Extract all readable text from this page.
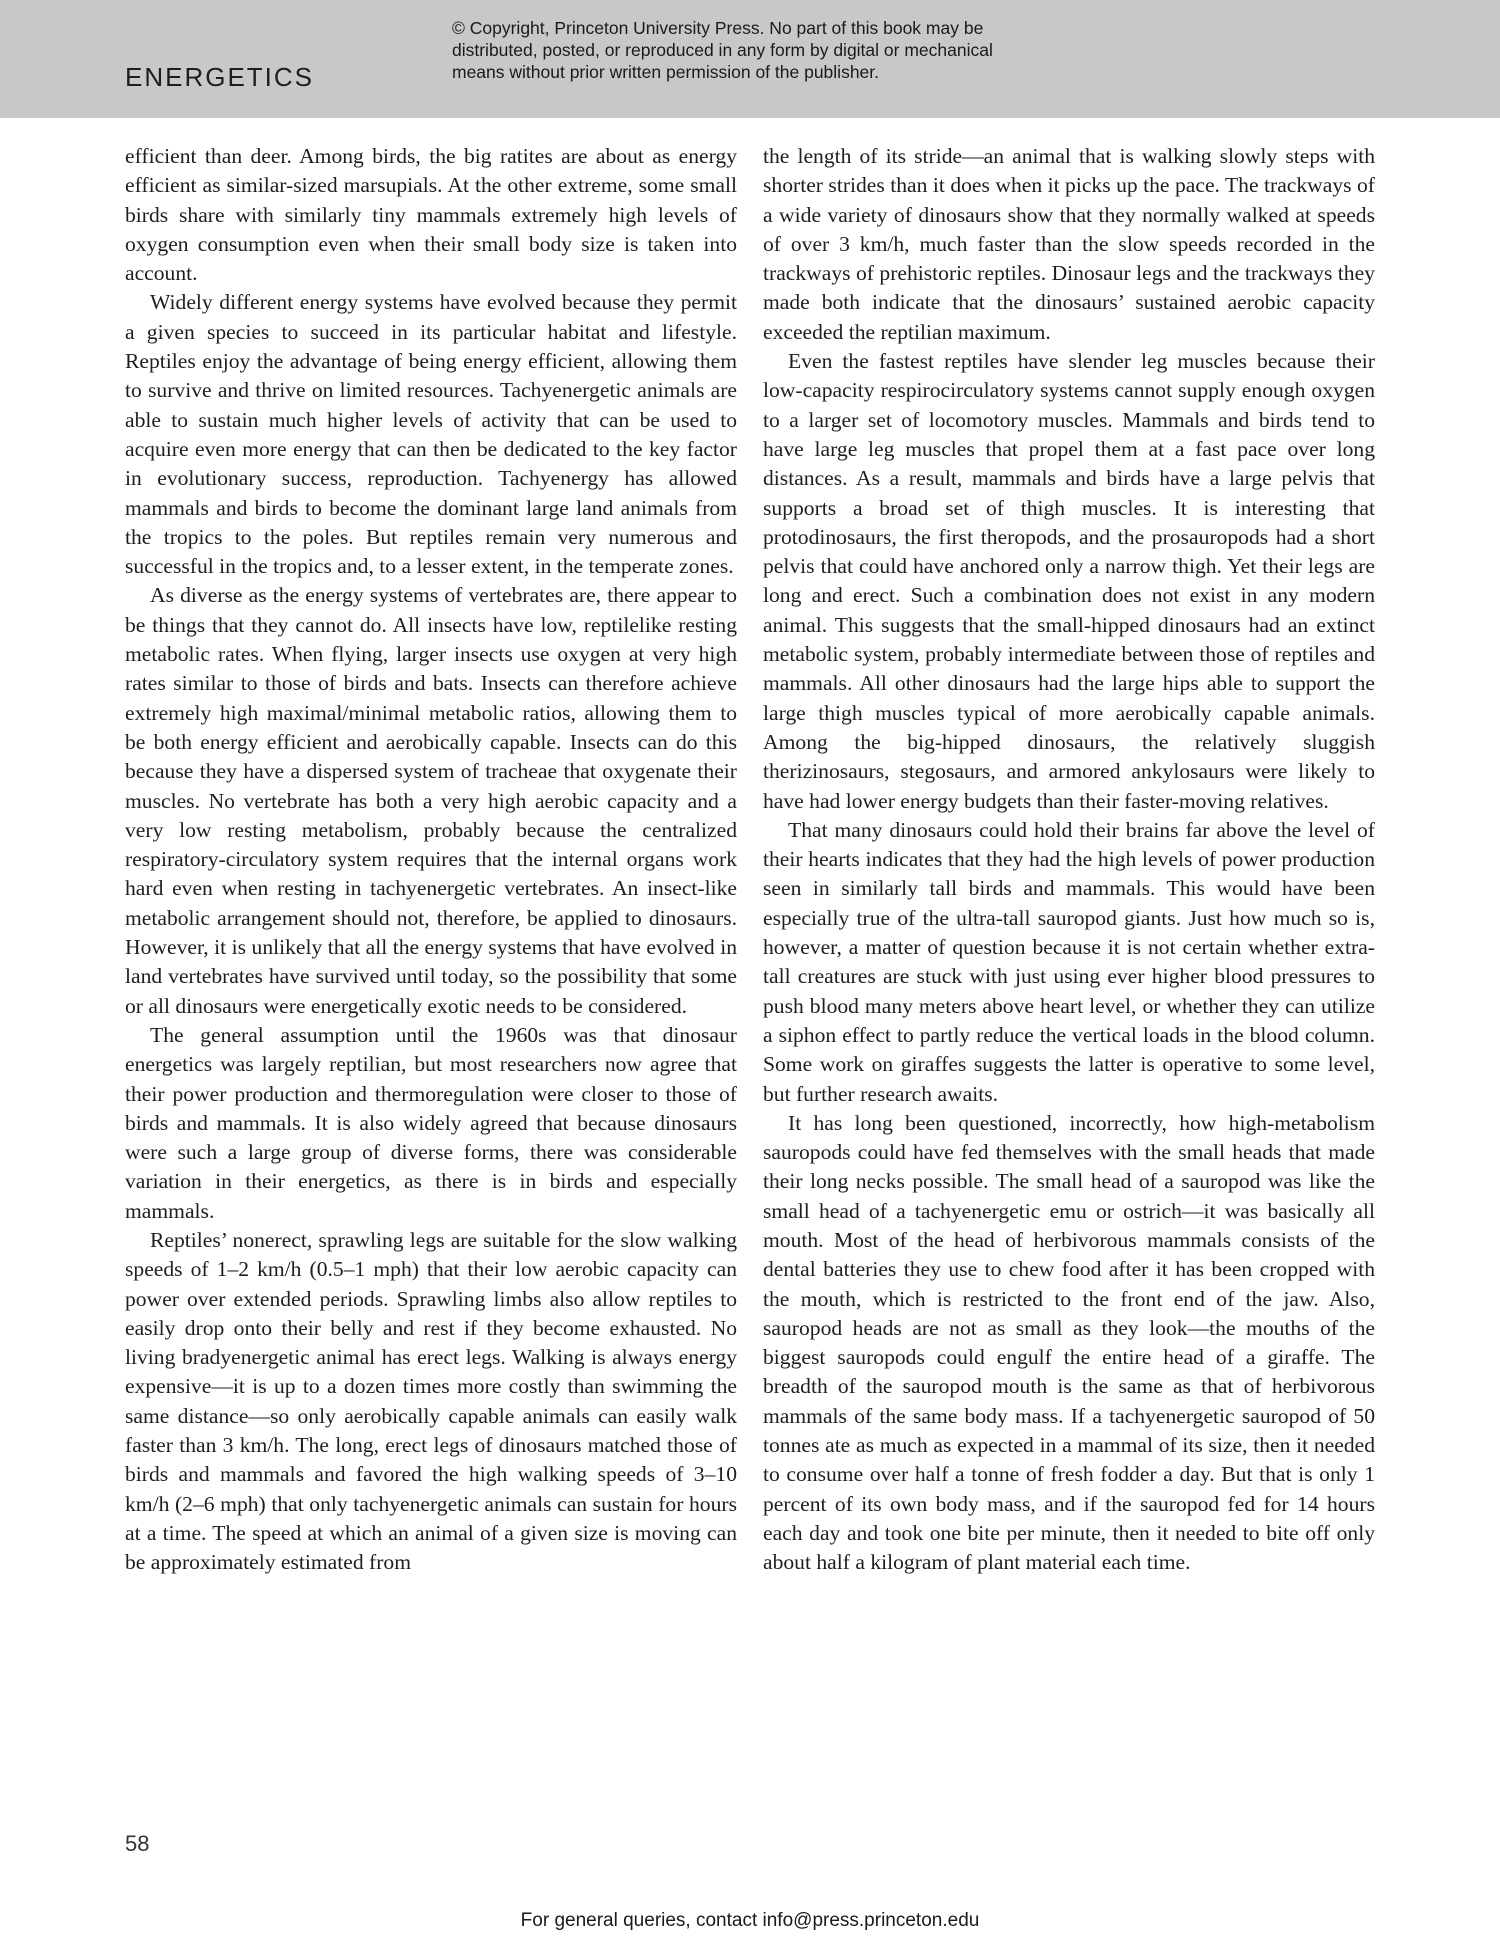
ENERGETICS
© Copyright, Princeton University Press. No part of this book may be
distributed, posted, or reproduced in any form by digital or mechanical
means without prior written permission of the publisher.

efficient than deer. Among birds, the big ratites are about as energy efficient as similar-sized marsupials. At the other extreme, some small birds share with similarly tiny mammals extremely high levels of oxygen consumption even when their small body size is taken into account.

Widely different energy systems have evolved because they permit a given species to succeed in its particular habitat and lifestyle. Reptiles enjoy the advantage of being energy efficient, allowing them to survive and thrive on limited resources. Tachyenergetic animals are able to sustain much higher levels of activity that can be used to acquire even more energy that can then be dedicated to the key factor in evolutionary success, reproduction. Tachyenergy has allowed mammals and birds to become the dominant large land animals from the tropics to the poles. But reptiles remain very numerous and successful in the tropics and, to a lesser extent, in the temperate zones.

As diverse as the energy systems of vertebrates are, there appear to be things that they cannot do. All insects have low, reptilelike resting metabolic rates. When flying, larger insects use oxygen at very high rates similar to those of birds and bats. Insects can therefore achieve extremely high maximal/minimal metabolic ratios, allowing them to be both energy efficient and aerobically capable. Insects can do this because they have a dispersed system of tracheae that oxygenate their muscles. No vertebrate has both a very high aerobic capacity and a very low resting metabolism, probably because the centralized respiratory-circulatory system requires that the internal organs work hard even when resting in tachyenergetic vertebrates. An insect-like metabolic arrangement should not, therefore, be applied to dinosaurs. However, it is unlikely that all the energy systems that have evolved in land vertebrates have survived until today, so the possibility that some or all dinosaurs were energetically exotic needs to be considered.

The general assumption until the 1960s was that dinosaur energetics was largely reptilian, but most researchers now agree that their power production and thermoregulation were closer to those of birds and mammals. It is also widely agreed that because dinosaurs were such a large group of diverse forms, there was considerable variation in their energetics, as there is in birds and especially mammals.

Reptiles’ nonerect, sprawling legs are suitable for the slow walking speeds of 1–2 km/h (0.5–1 mph) that their low aerobic capacity can power over extended periods. Sprawling limbs also allow reptiles to easily drop onto their belly and rest if they become exhausted. No living bradyenergetic animal has erect legs. Walking is always energy expensive—it is up to a dozen times more costly than swimming the same distance—so only aerobically capable animals can easily walk faster than 3 km/h. The long, erect legs of dinosaurs matched those of birds and mammals and favored the high walking speeds of 3–10 km/h (2–6 mph) that only tachyenergetic animals can sustain for hours at a time. The speed at which an animal of a given size is moving can be approximately estimated from

the length of its stride—an animal that is walking slowly steps with shorter strides than it does when it picks up the pace. The trackways of a wide variety of dinosaurs show that they normally walked at speeds of over 3 km/h, much faster than the slow speeds recorded in the trackways of prehistoric reptiles. Dinosaur legs and the trackways they made both indicate that the dinosaurs’ sustained aerobic capacity exceeded the reptilian maximum.

Even the fastest reptiles have slender leg muscles because their low-capacity respirocirculatory systems cannot supply enough oxygen to a larger set of locomotory muscles. Mammals and birds tend to have large leg muscles that propel them at a fast pace over long distances. As a result, mammals and birds have a large pelvis that supports a broad set of thigh muscles. It is interesting that protodinosaurs, the first theropods, and the prosauropods had a short pelvis that could have anchored only a narrow thigh. Yet their legs are long and erect. Such a combination does not exist in any modern animal. This suggests that the small-hipped dinosaurs had an extinct metabolic system, probably intermediate between those of reptiles and mammals. All other dinosaurs had the large hips able to support the large thigh muscles typical of more aerobically capable animals. Among the big-hipped dinosaurs, the relatively sluggish therizinosaurs, stegosaurs, and armored ankylosaurs were likely to have had lower energy budgets than their faster-moving relatives.

That many dinosaurs could hold their brains far above the level of their hearts indicates that they had the high levels of power production seen in similarly tall birds and mammals. This would have been especially true of the ultra-tall sauropod giants. Just how much so is, however, a matter of question because it is not certain whether extra-tall creatures are stuck with just using ever higher blood pressures to push blood many meters above heart level, or whether they can utilize a siphon effect to partly reduce the vertical loads in the blood column. Some work on giraffes suggests the latter is operative to some level, but further research awaits.

It has long been questioned, incorrectly, how high-metabolism sauropods could have fed themselves with the small heads that made their long necks possible. The small head of a sauropod was like the small head of a tachyenergetic emu or ostrich—it was basically all mouth. Most of the head of herbivorous mammals consists of the dental batteries they use to chew food after it has been cropped with the mouth, which is restricted to the front end of the jaw. Also, sauropod heads are not as small as they look—the mouths of the biggest sauropods could engulf the entire head of a giraffe. The breadth of the sauropod mouth is the same as that of herbivorous mammals of the same body mass. If a tachyenergetic sauropod of 50 tonnes ate as much as expected in a mammal of its size, then it needed to consume over half a tonne of fresh fodder a day. But that is only 1 percent of its own body mass, and if the sauropod fed for 14 hours each day and took one bite per minute, then it needed to bite off only about half a kilogram of plant material each time.

58

For general queries, contact info@press.princeton.edu
